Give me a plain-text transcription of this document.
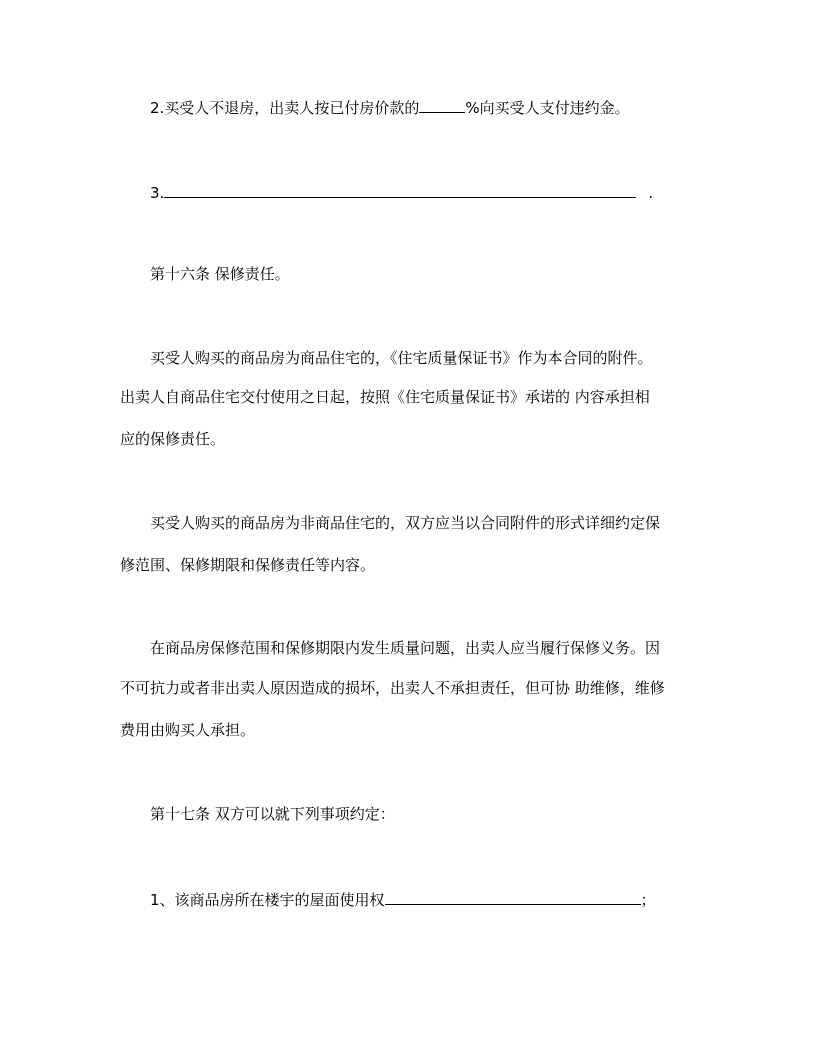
2.买受人不退房，出卖人按已付房价款的	%向买受人支付违约金。
3.	.
第十六条 保修责任。
买受人购买的商品房为商品住宅的，《住宅质量保证书》作为本合同的附件。
出卖人自商品住宅交付使用之日起，按照《住宅质量保证书》承诺的 内容承担相
应的保修责任。
买受人购买的商品房为非商品住宅的，双方应当以合同附件的形式详细约定保
修范围、保修期限和保修责任等内容。
在商品房保修范围和保修期限内发生质量问题，出卖人应当履行保修义务。因
不可抗力或者非出卖人原因造成的损坏，出卖人不承担责任，但可协 助维修，维修
费用由购买人承担。
第十七条 双方可以就下列事项约定：
1、该商品房所在楼宇的屋面使用权	；
